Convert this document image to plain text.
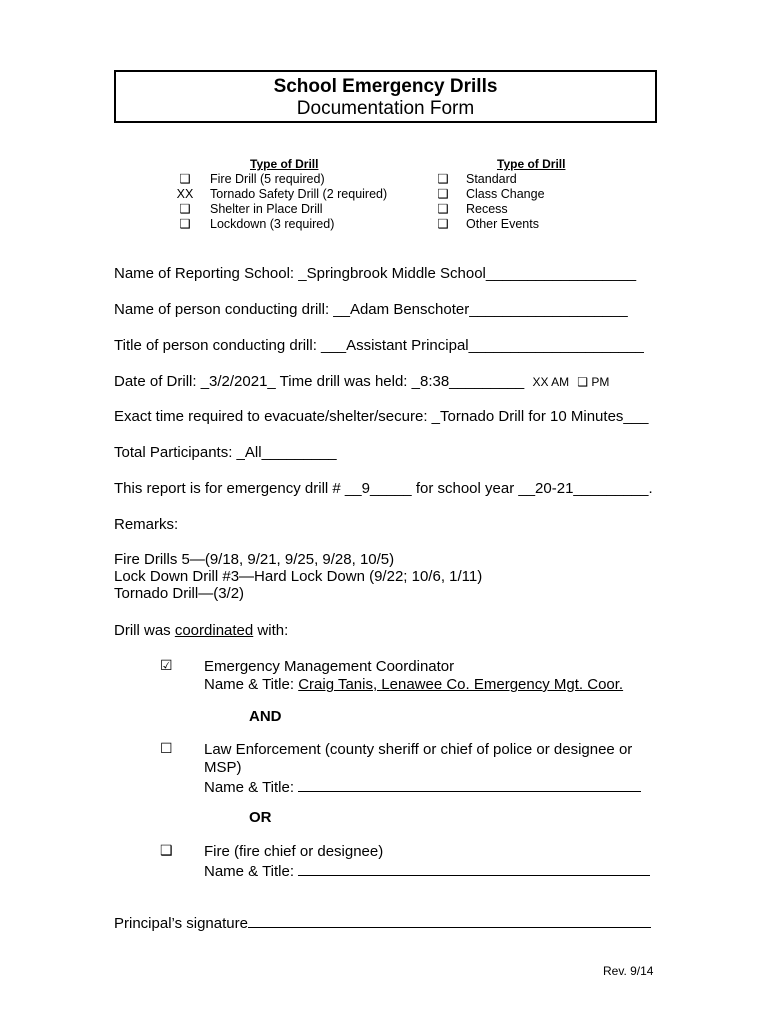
School Emergency Drills
Documentation Form
Type of Drill
❑ Fire Drill (5 required)
XX Tornado Safety Drill (2 required)
❑ Shelter in Place Drill
❑ Lockdown (3 required)
Type of Drill
❑ Standard
❑ Class Change
❑ Recess
❑ Other Events
Name of Reporting School: _Springbrook Middle School__________________
Name of person conducting drill: __Adam Benschoter___________________
Title of person conducting drill: ___Assistant Principal_____________________
Date of Drill: _3/2/2021_ Time drill was held: _8:38_________ XX AM ❑ PM
Exact time required to evacuate/shelter/secure: _Tornado Drill for 10 Minutes___
Total Participants: _All_________
This report is for emergency drill # __9_____ for school year __20-21_________.
Remarks:
Fire Drills 5—(9/18, 9/21, 9/25, 9/28, 10/5)
Lock Down Drill #3—Hard Lock Down (9/22; 10/6, 1/11)
Tornado Drill—(3/2)
Drill was coordinated with:
☑ Emergency Management Coordinator
Name & Title: Craig Tanis, Lenawee Co. Emergency Mgt. Coor.
AND
☐ Law Enforcement (county sheriff or chief of police or designee or
MSP)
Name & Title:
OR
❑ Fire (fire chief or designee)
Name & Title:
Principal’s signature
Rev. 9/14
